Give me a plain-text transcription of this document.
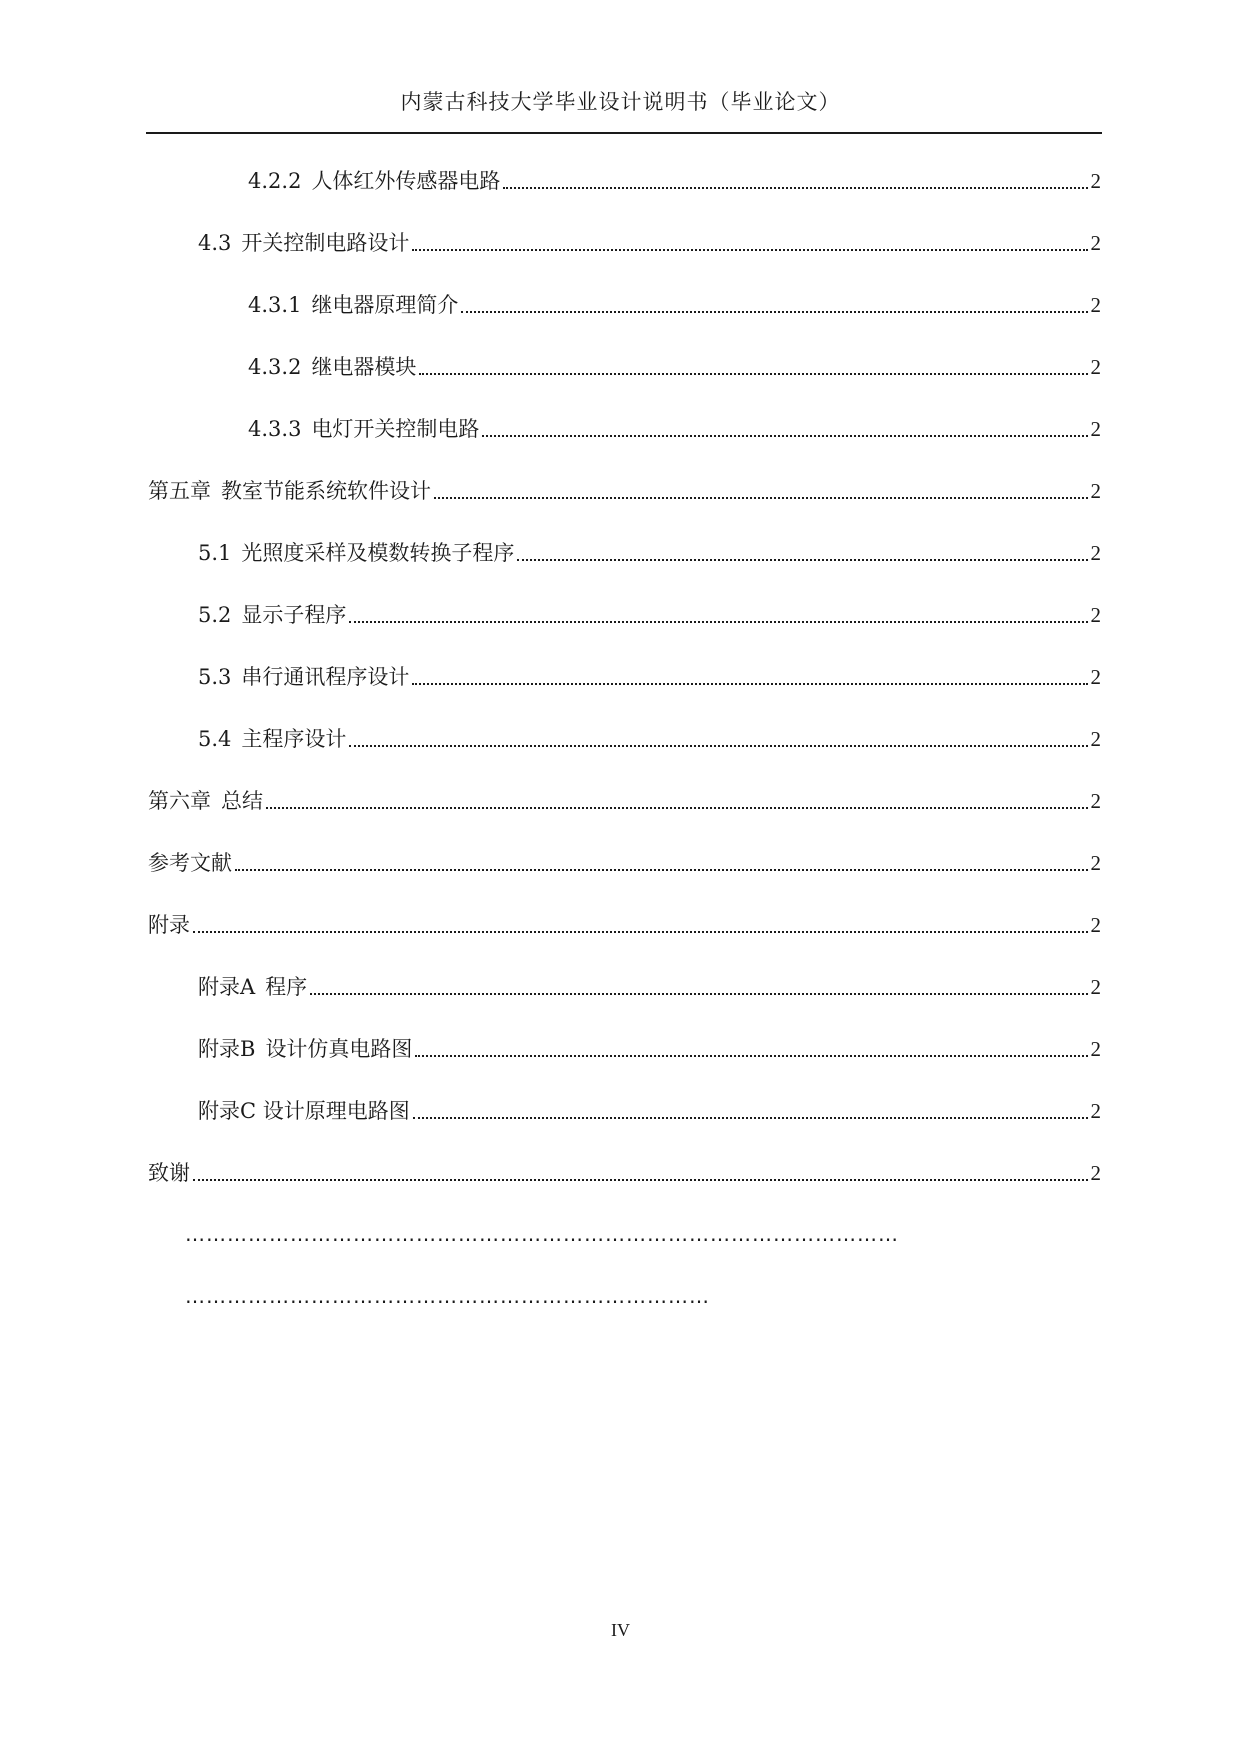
内蒙古科技大学毕业设计说明书（毕业论文）
4.2.2 人体红外传感器电路	2
4.3 开关控制电路设计	2
4.3.1 继电器原理简介	2
4.3.2 继电器模块	2
4.3.3 电灯开关控制电路	2
第五章 教室节能系统软件设计	2
5.1 光照度采样及模数转换子程序	2
5.2 显示子程序	2
5.3 串行通讯程序设计	2
5.4 主程序设计	2
第六章 总结	2
参考文献	2
附录	2
附录A 程序	2
附录B 设计仿真电路图	2
附录C 设计原理电路图	2
致谢	2
…………………………………………………………………………………………
…………………………………………………………………
IV
